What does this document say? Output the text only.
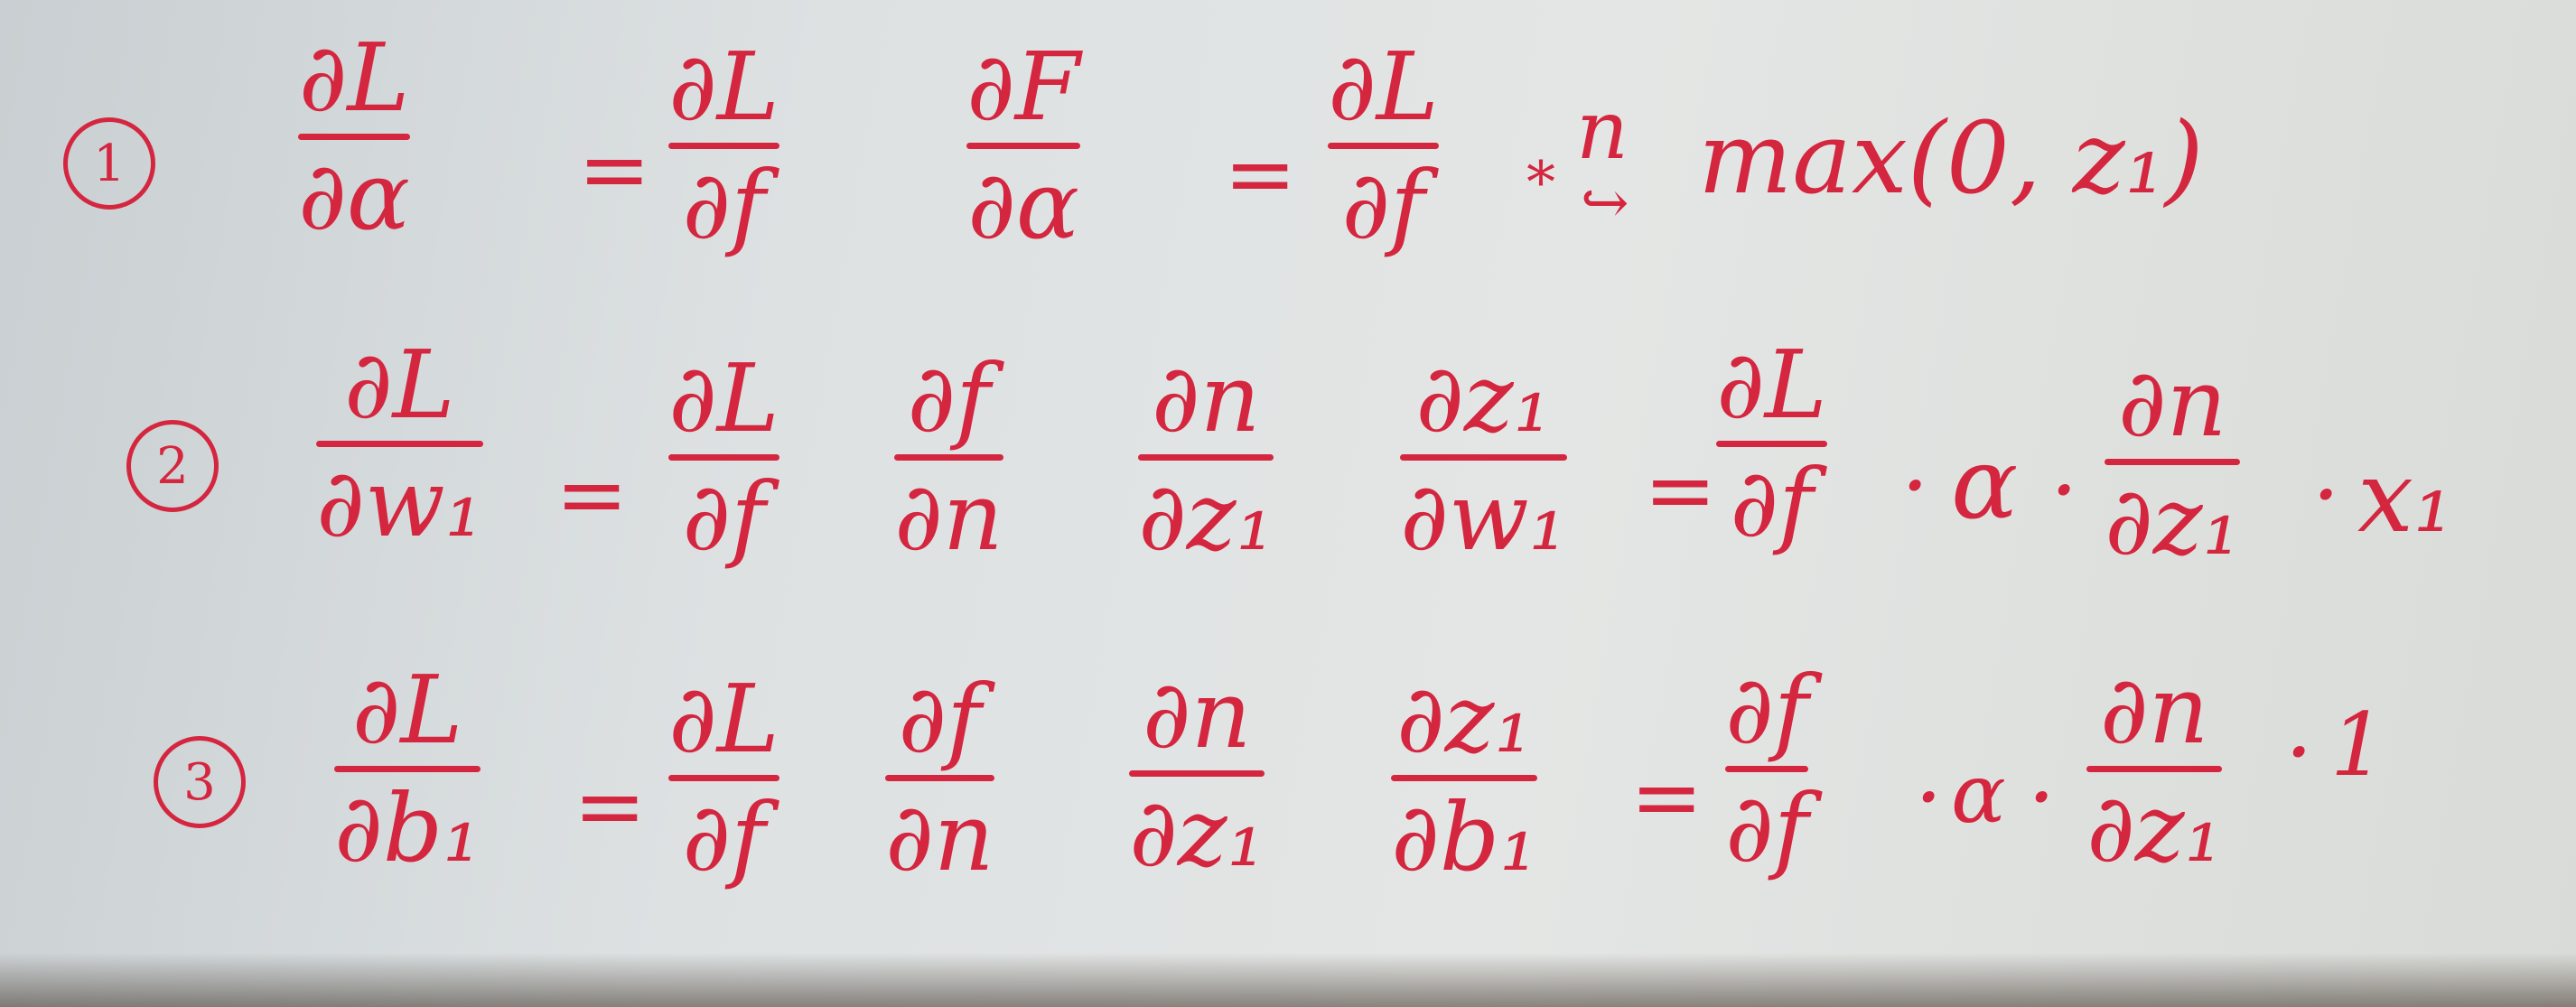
1
∂L
∂α =
∂L
∂f
∂F
∂α =
∂L
∂f *
n
↪ max(0, z₁)
2
∂L
∂w₁ =
∂L
∂f
∂f
∂n
∂n
∂z₁
∂z₁
∂w₁ =
∂L
∂f · α ·
∂n
∂z₁ · x₁
3
∂L
∂b₁ =
∂L
∂f
∂f
∂n
∂n
∂z₁
∂z₁
∂b₁ =
∂f
∂f · α ·
∂n
∂z₁
· 1
